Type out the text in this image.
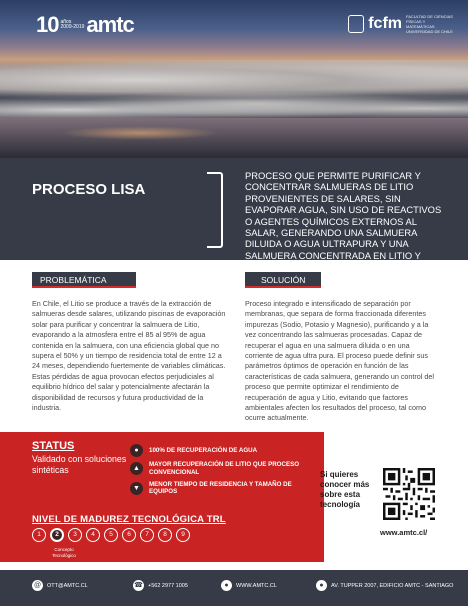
10 años
2009-2019 amtc	fcfm FACULTAD DE CIENCIAS FÍSICAS Y MATEMÁTICAS UNIVERSIDAD DE CHILE
PROCESO LISA
PROCESO QUE PERMITE PURIFICAR Y CONCENTRAR SALMUERAS DE LITIO PROVENIENTES DE SALARES, SIN EVAPORAR AGUA, SIN USO DE REACTIVOS O AGENTES QUÍMICOS EXTERNOS AL SALAR, GENERANDO UNA SALMUERA DILUIDA O AGUA ULTRAPURA Y UNA SALMUERA CONCENTRADA EN LITIO Y LIBRE DE IMPUREZAS
PROBLEMÁTICA	SOLUCIÓN
En Chile, el Litio se produce a través de la extracción de salmueras desde salares, utilizando piscinas de evaporación solar para purificar y concentrar la salmuera de Litio, evaporando a la atmosfera entre el 85 al 95% de agua contenida en la salmuera, con una eficiencia global que no supera el 50% y un tiempo de residencia total de entre 12 a 24 meses, dependiendo fuertemente de variables climáticas. Estas pérdidas de agua provocan efectos perjudiciales al equilibrio hídrico del salar y potencialmente afectarán la disponibilidad de recursos y futura productividad de la industria.
Proceso integrado e intensificado de separación por membranas, que separa de forma fraccionada diferentes impurezas (Sodio, Potasio y Magnesio), purificando y a la vez concentrando las salmueras procesadas. Capaz de recuperar el agua en una salmuera diluida o en una corriente de agua ultra pura. El proceso puede definir sus parámetros óptimos de operación en función de las características de cada salmuera, generando un control del proceso que permite optimizar el rendimiento de recuperación de agua y Litio, evitando que factores ambientales afecten los resultados del proceso, tal como ocurre actualmente.
STATUS
Validado con soluciones sintéticas
●	100% DE RECUPERACIÓN DE AGUA
▲
MAYOR RECUPERACIÓN DE LITIO QUE PROCESO CONVENCIONAL
▼
MENOR TIEMPO DE RESIDENCIA Y TAMAÑO DE EQUIPOS
NIVEL DE MADUREZ TECNOLÓGICA TRL
1	2	3	4	5	6	7	8	9
Concepto Tecnológico
Si quieres conocer más sobre esta tecnología
www.amtc.cl/
@	OTT@AMTC.CL	☎ +562 2977 1005	●	WWW.AMTC.CL	●	AV. TUPPER 2007, EDIFICIO AMTC - SANTIAGO
